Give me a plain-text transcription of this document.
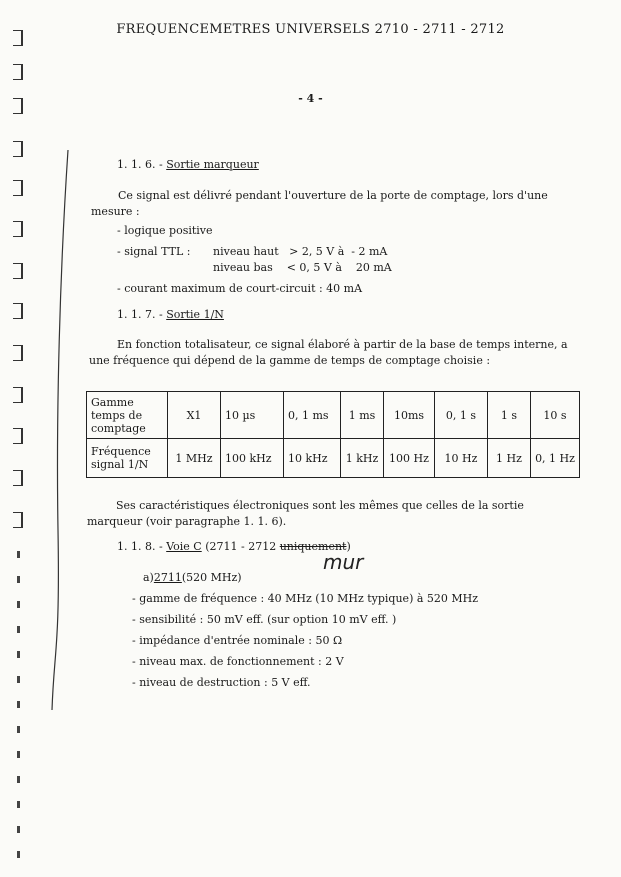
FREQUENCEMETRES UNIVERSELS 2710 - 2711 - 2712
- 4 -
1. 1. 6. - Sortie marqueur
Ce signal est délivré pendant l'ouverture de la porte de comptage, lors d'une mesure :
- logique positive
- signal TTL : niveau haut   > 2, 5 V à  - 2 mA
niveau bas    < 0, 5 V à    20 mA
- courant maximum de court-circuit : 40 mA
1. 1. 7. - Sortie 1/N
En fonction totalisateur, ce signal élaboré à partir de la base de temps interne, a une fréquence qui dépend de la gamme de temps de comptage choisie :
Gamme temps de comptage	X1	10 µs	0, 1 ms	1 ms	10ms	0, 1 s	1 s	10 s
Fréquence signal 1/N	1 MHz	100 kHz	10 kHz	1 kHz	100 Hz	10 Hz	1 Hz	0, 1 Hz
Ses caractéristiques électroniques sont les mêmes que celles de la sortie marqueur (voir paragraphe 1. 1. 6).
1. 1. 8. - Voie C (2711 - 2712 uniquement)
mur
a)2711(520 MHz)
- gamme de fréquence : 40 MHz (10 MHz typique) à 520 MHz
- sensibilité : 50 mV eff. (sur option 10 mV eff. )
- impédance d'entrée nominale : 50 Ω
- niveau max. de fonctionnement : 2 V
- niveau de destruction : 5 V eff.
